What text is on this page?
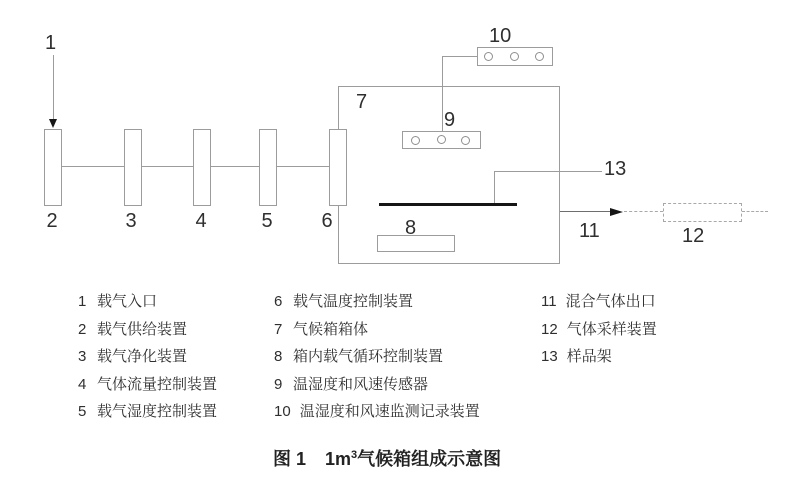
1
2	3	4	5 6
7
9
10
13
8	11	12
1 载气入口
2 载气供给装置
3 载气净化装置
4 气体流量控制装置
5 载气湿度控制装置
6 载气温度控制装置
7 气候箱箱体
8 箱内载气循环控制装置
9 温湿度和风速传感器
10 温湿度和风速监测记录装置
11 混合气体出口
12 气体采样装置
13 样品架
图 1 $1m^3$气候箱组成示意图
